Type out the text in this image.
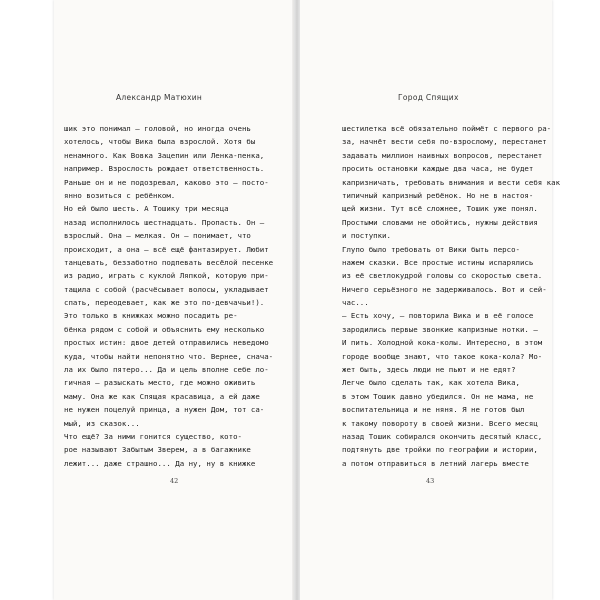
Александр Матюхин
шик это понимал — головой, но иногда очень
хотелось, чтобы Вика была взрослой. Хотя бы
ненамного. Как Вовка Зацепин или Ленка-пенка,
например. Взрослость рождает ответственность.
Раньше он и не подозревал, каково это — посто-
янно возиться с ребёнком.
Но ей было шесть. А Тошику три месяца
назад исполнилось шестнадцать. Пропасть. Он —
взрослый. Она — мелкая. Он — понимает, что
происходит, а она — всё ещё фантазирует. Любит
танцевать, беззаботно подпевать весёлой песенке
из радио, играть с куклой Ляпкой, которую при-
тащила с собой (расчёсывает волосы, укладывает
спать, переодевает, как же это по-девчачьи!).
Это только в книжках можно посадить ре-
бёнка рядом с собой и объяснить ему несколько
простых истин: двое детей отправились неведомо
куда, чтобы найти непонятно что. Вернее, снача-
ла их было пятеро... Да и цель вполне себе ло-
гичная — разыскать место, где можно оживить
маму. Она же как Спящая красавица, а ей даже
не нужен поцелуй принца, а нужен Дом, тот са-
мый, из сказок...
Что ещё? За ними гонится существо, кото-
рое называют Забытым Зверем, а в багажнике
лежит... даже страшно... Да ну, ну в книжке
42
Город Спящих
шестилетка всё обязательно поймёт с первого ра-
за, начнёт вести себя по-взрослому, перестанет
задавать миллион наивных вопросов, перестанет
просить остановки каждые два часа, не будет
капризничать, требовать внимания и вести себя как
типичный капризный ребёнок. Но не в настоя-
щей жизни. Тут всё сложнее, Тошик уже понял.
Простыми словами не обойтись, нужны действия
и поступки.
Глупо было требовать от Вики быть персо-
нажем сказки. Все простые истины испарялись
из её светлокудрой головы со скоростью света.
Ничего серьёзного не задерживалось. Вот и сей-
час...
— Есть хочу, — повторила Вика и в её голосе
зародились первые звонкие капризные нотки. —
И пить. Холодной кока-колы. Интересно, в этом
городе вообще знают, что такое кока-кола? Мо-
жет быть, здесь люди не пьют и не едят?
Легче было сделать так, как хотела Вика,
в этом Тошик давно убедился. Он не мама, не
воспитательница и не няня. Я не готов был
к такому повороту в своей жизни. Всего месяц
назад Тошик собирался окончить десятый класс,
подтянуть две тройки по географии и истории,
а потом отправиться в летний лагерь вместе
43
